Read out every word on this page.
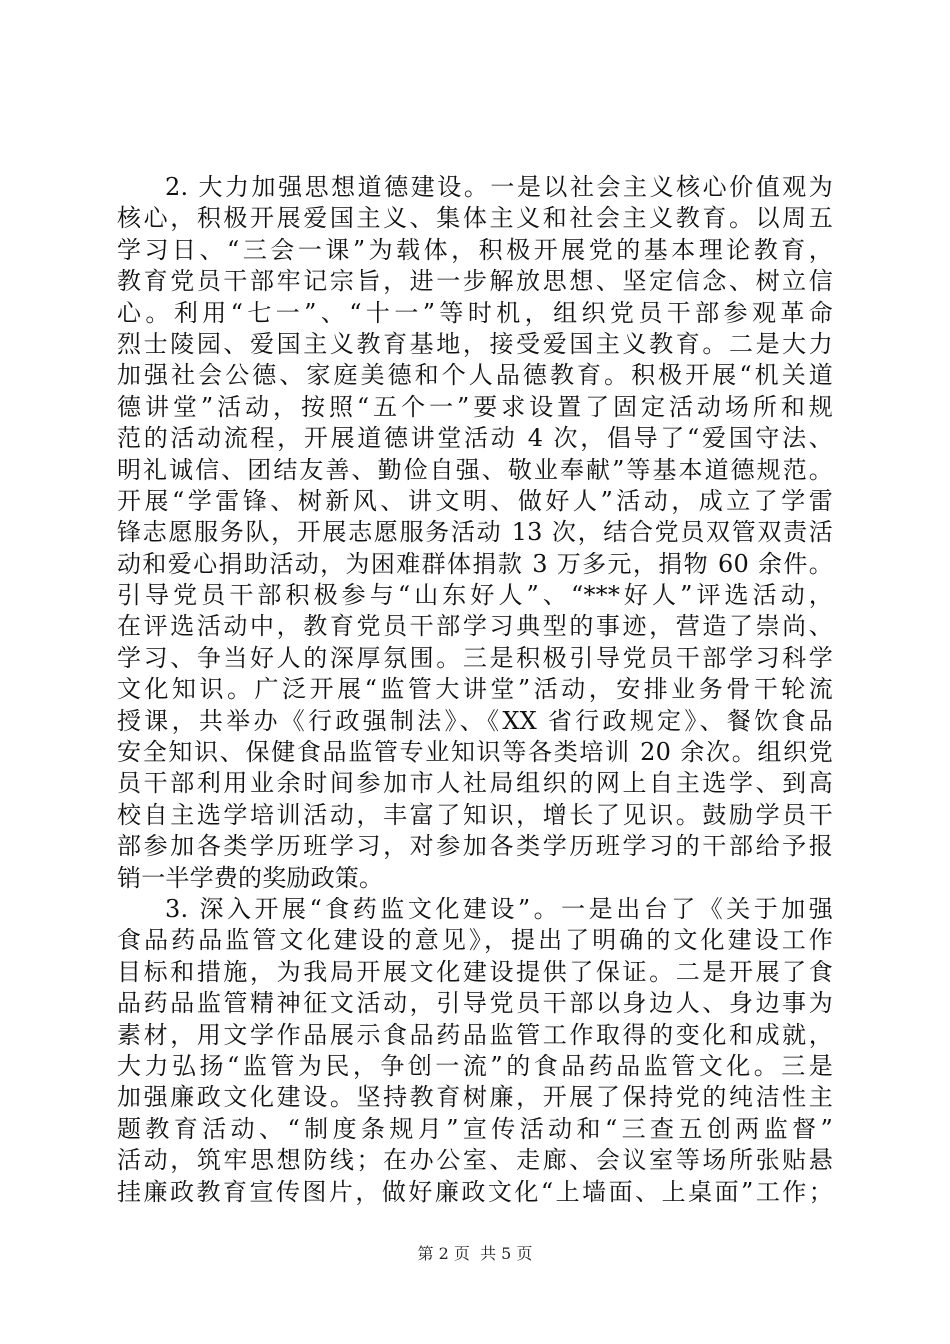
2. 大力加强思想道德建设。一是以社会主义核心价值观为
核心，积极开展爱国主义、集体主义和社会主义教育。以周五
学习日、“三会一课”为载体，积极开展党的基本理论教育，
教育党员干部牢记宗旨，进一步解放思想、坚定信念、树立信
心。利用“七一”、“十一”等时机，组织党员干部参观革命
烈士陵园、爱国主义教育基地，接受爱国主义教育。二是大力
加强社会公德、家庭美德和个人品德教育。积极开展“机关道
德讲堂”活动，按照“五个一”要求设置了固定活动场所和规
范的活动流程，开展道德讲堂活动 4 次，倡导了“爱国守法、
明礼诚信、团结友善、勤俭自强、敬业奉献”等基本道德规范。
开展“学雷锋、树新风、讲文明、做好人”活动，成立了学雷
锋志愿服务队，开展志愿服务活动 13 次，结合党员双管双责活
动和爱心捐助活动，为困难群体捐款 3 万多元，捐物 60 余件。
引导党员干部积极参与“山东好人”、“***好人”评选活动，
在评选活动中，教育党员干部学习典型的事迹，营造了崇尚、
学习、争当好人的深厚氛围。三是积极引导党员干部学习科学
文化知识。广泛开展“监管大讲堂”活动，安排业务骨干轮流
授课，共举办《行政强制法》、《XX 省行政规定》、餐饮食品
安全知识、保健食品监管专业知识等各类培训 20 余次。组织党
员干部利用业余时间参加市人社局组织的网上自主选学、到高
校自主选学培训活动，丰富了知识，增长了见识。鼓励学员干
部参加各类学历班学习，对参加各类学历班学习的干部给予报
销一半学费的奖励政策。
3. 深入开展“食药监文化建设”。一是出台了《关于加强
食品药品监管文化建设的意见》，提出了明确的文化建设工作
目标和措施，为我局开展文化建设提供了保证。二是开展了食
品药品监管精神征文活动，引导党员干部以身边人、身边事为
素材，用文学作品展示食品药品监管工作取得的变化和成就，
大力弘扬“监管为民，争创一流”的食品药品监管文化。三是
加强廉政文化建设。坚持教育树廉，开展了保持党的纯洁性主
题教育活动、“制度条规月”宣传活动和“三查五创两监督”
活动，筑牢思想防线；在办公室、走廊、会议室等场所张贴悬
挂廉政教育宣传图片，做好廉政文化“上墙面、上桌面”工作；
第 2 页  共 5 页
